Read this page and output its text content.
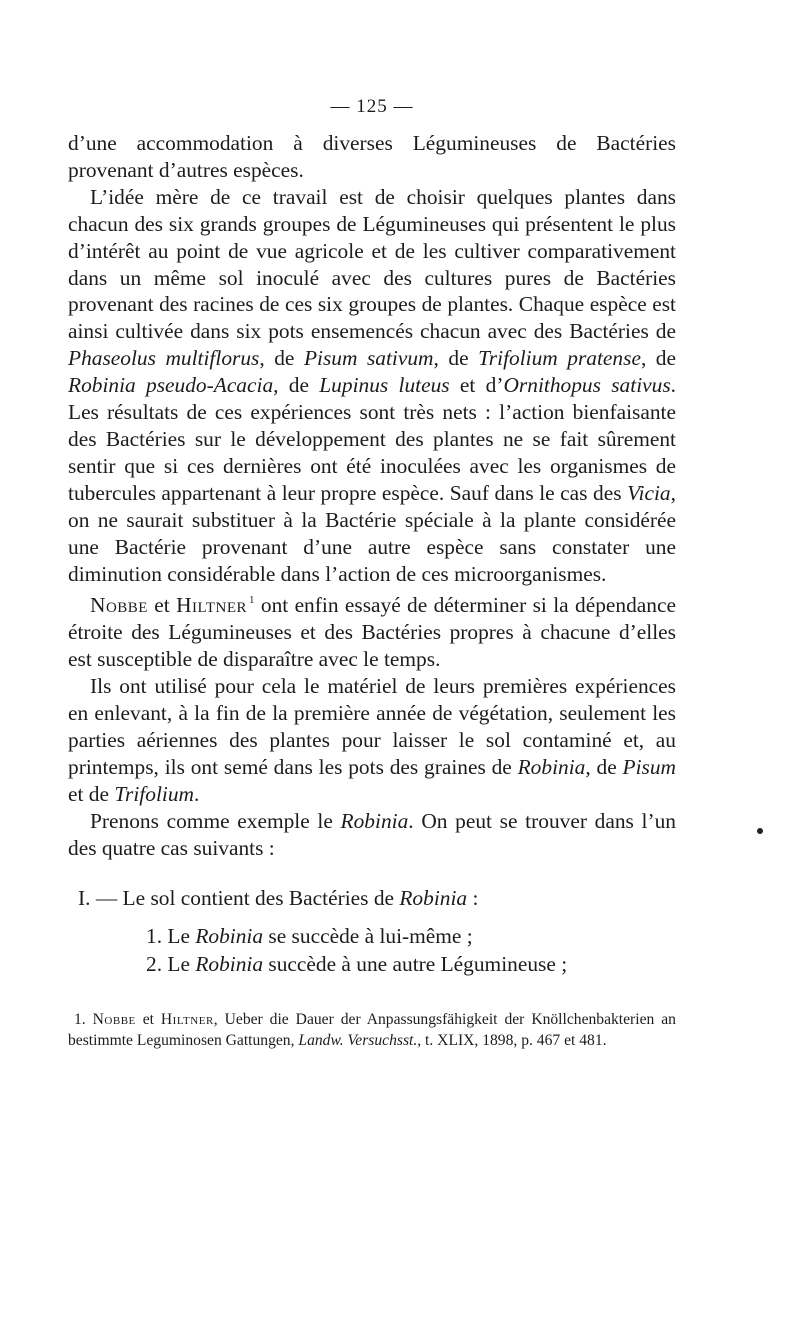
— 125 —

d’une accommodation à diverses Légumineuses de Bactéries provenant d’autres espèces.

L’idée mère de ce travail est de choisir quelques plantes dans chacun des six grands groupes de Légumineuses qui présentent le plus d’intérêt au point de vue agricole et de les cultiver comparativement dans un même sol inoculé avec des cultures pures de Bactéries provenant des racines de ces six groupes de plantes. Chaque espèce est ainsi cultivée dans six pots ensemencés chacun avec des Bactéries de Phaseolus multiflorus, de Pisum sativum, de Trifolium pratense, de Robinia pseudo-Acacia, de Lupinus luteus et d’Ornithopus sativus. Les résultats de ces expériences sont très nets : l’action bienfaisante des Bactéries sur le développement des plantes ne se fait sûrement sentir que si ces dernières ont été inoculées avec les organismes de tubercules appartenant à leur propre espèce. Sauf dans le cas des Vicia, on ne saurait substituer à la Bactérie spéciale à la plante considérée une Bactérie provenant d’une autre espèce sans constater une diminution considérable dans l’action de ces microorganismes.

Nobbe et Hiltner $^1$ ont enfin essayé de déterminer si la dépendance étroite des Légumineuses et des Bactéries propres à chacune d’elles est susceptible de disparaître avec le temps.

Ils ont utilisé pour cela le matériel de leurs premières expériences en enlevant, à la fin de la première année de végétation, seulement les parties aériennes des plantes pour laisser le sol contaminé et, au printemps, ils ont semé dans les pots des graines de Robinia, de Pisum et de Trifolium.

Prenons comme exemple le Robinia. On peut se trouver dans l’un des quatre cas suivants :

I. — Le sol contient des Bactéries de Robinia :
1. Le Robinia se succède à lui-même ;
2. Le Robinia succède à une autre Légumineuse ;
1. Nobbe et Hiltner, Ueber die Dauer der Anpassungsfähigkeit der Knöllchenbakterien an bestimmte Leguminosen Gattungen, Landw. Versuchsst., t. XLIX, 1898, p. 467 et 481.
